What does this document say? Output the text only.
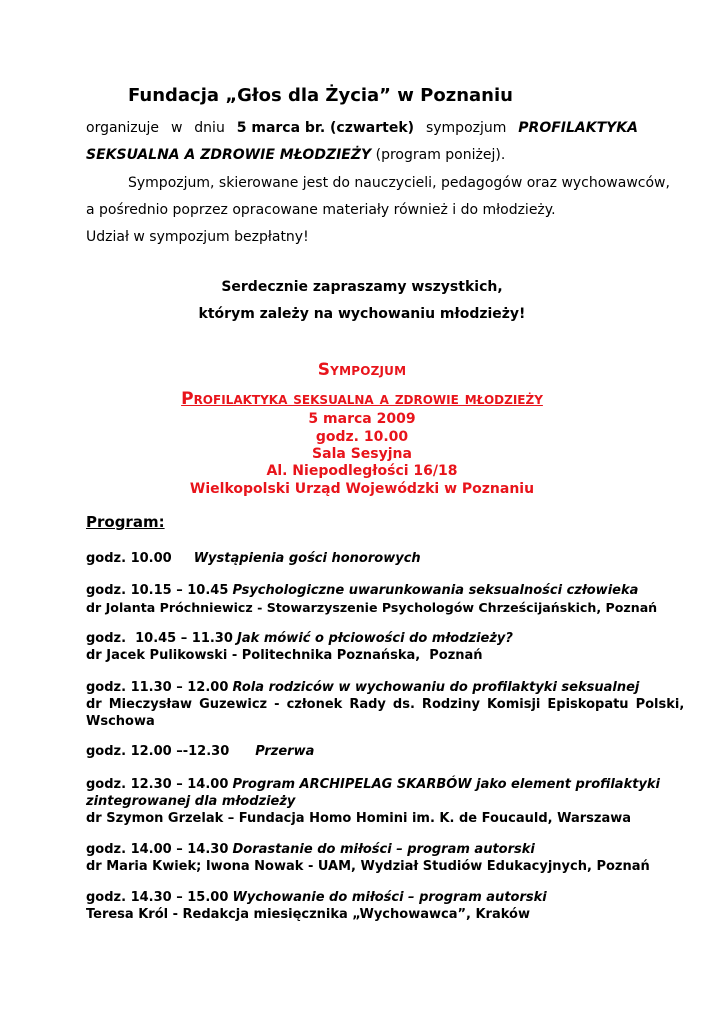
Fundacja „Głos dla Życia” w Poznaniu
organizuje w dniu 5 marca br. (czwartek) sympozjum PROFILAKTYKA
SEKSUALNA A ZDROWIE MŁODZIEŻY (program poniżej).
Sympozjum, skierowane jest do nauczycieli, pedagogów oraz wychowawców,
a pośrednio poprzez opracowane materiały również i do młodzieży.
Udział w sympozjum bezpłatny!
Serdecznie zapraszamy wszystkich,
którym zależy na wychowaniu młodzieży!
Sympozjum
Profilaktyka seksualna a zdrowie młodzieży
5 marca 2009
godz. 10.00
Sala Sesyjna
Al. Niepodległości 16/18
Wielkopolski Urząd Wojewódzki w Poznaniu
Program:
godz. 10.00 Wystąpienia gości honorowych
godz. 10.15 – 10.45 Psychologiczne uwarunkowania seksualności człowieka
dr Jolanta Próchniewicz - Stowarzyszenie Psychologów Chrześcijańskich, Poznań
godz.  10.45 – 11.30 Jak mówić o płciowości do młodzieży?
dr Jacek Pulikowski - Politechnika Poznańska,  Poznań
godz. 11.30 – 12.00 Rola rodziców w wychowaniu do profilaktyki seksualnej
dr Mieczysław Guzewicz - członek Rady ds. Rodziny Komisji Episkopatu Polski,
Wschowa
godz. 12.00 –-12.30 Przerwa
godz. 12.30 – 14.00 Program ARCHIPELAG SKARBÓW jako element profilaktyki
zintegrowanej dla młodzieży
dr Szymon Grzelak – Fundacja Homo Homini im. K. de Foucauld, Warszawa
godz. 14.00 – 14.30 Dorastanie do miłości – program autorski
dr Maria Kwiek; Iwona Nowak - UAM, Wydział Studiów Edukacyjnych, Poznań
godz. 14.30 – 15.00 Wychowanie do miłości – program autorski
Teresa Król - Redakcja miesięcznika „Wychowawca”, Kraków
